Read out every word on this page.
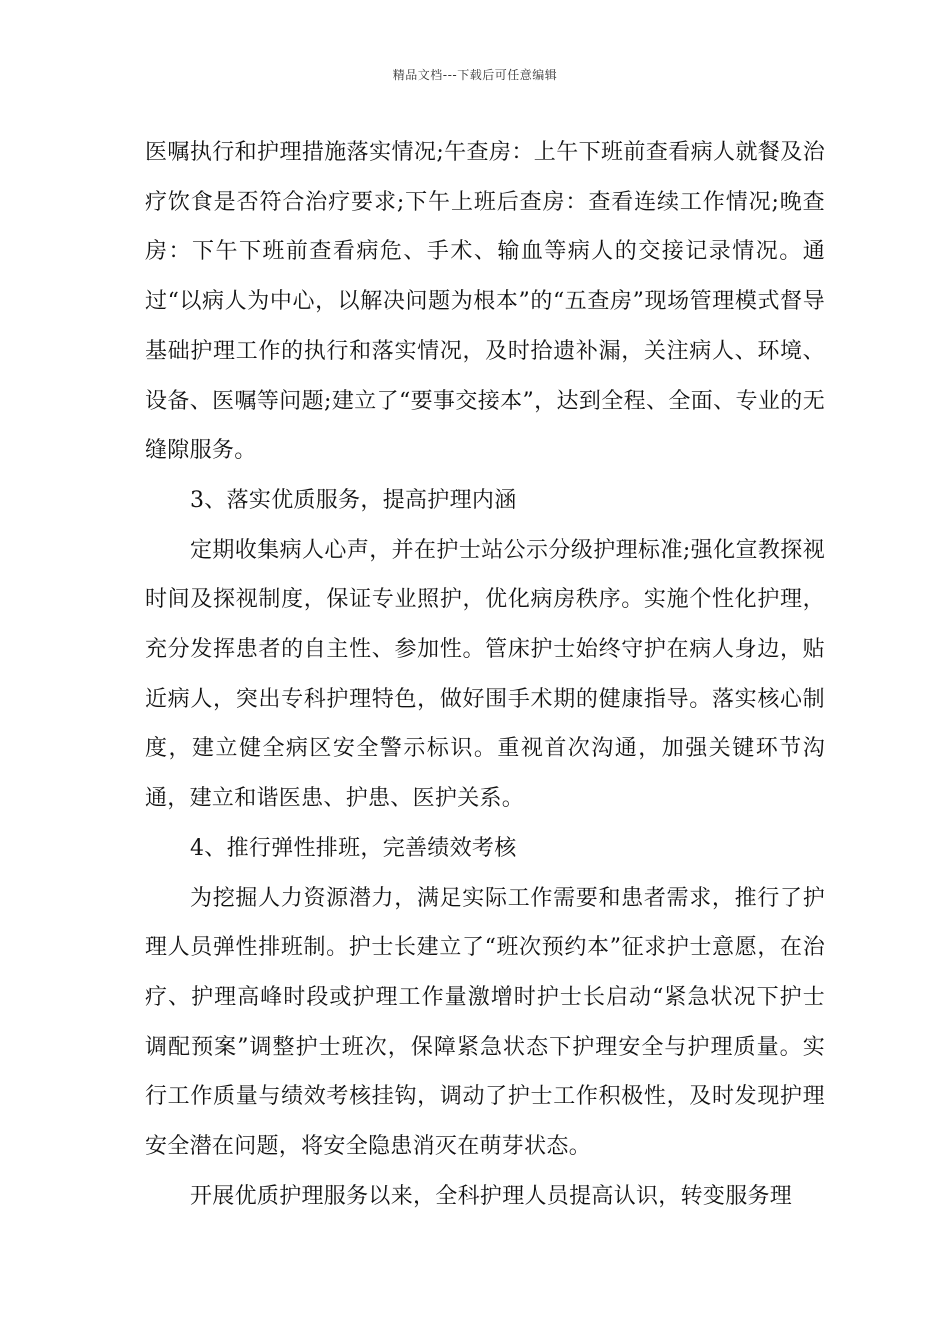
精品文档---下载后可任意编辑

医嘱执行和护理措施落实情况;午查房：上午下班前查看病人就餐及治疗饮食是否符合治疗要求;下午上班后查房：查看连续工作情况;晚查房：下午下班前查看病危、手术、输血等病人的交接记录情况。通过“以病人为中心，以解决问题为根本”的“五查房”现场管理模式督导基础护理工作的执行和落实情况，及时拾遗补漏，关注病人、环境、设备、医嘱等问题;建立了“要事交接本”，达到全程、全面、专业的无缝隙服务。

3、落实优质服务，提高护理内涵

定期收集病人心声，并在护士站公示分级护理标准;强化宣教探视时间及探视制度，保证专业照护，优化病房秩序。实施个性化护理，充分发挥患者的自主性、参加性。管床护士始终守护在病人身边，贴近病人，突出专科护理特色，做好围手术期的健康指导。落实核心制度，建立健全病区安全警示标识。重视首次沟通，加强关键环节沟通，建立和谐医患、护患、医护关系。

4、推行弹性排班，完善绩效考核

为挖掘人力资源潜力，满足实际工作需要和患者需求，推行了护理人员弹性排班制。护士长建立了“班次预约本”征求护士意愿，在治疗、护理高峰时段或护理工作量激增时护士长启动“紧急状况下护士调配预案”调整护士班次，保障紧急状态下护理安全与护理质量。实行工作质量与绩效考核挂钩，调动了护士工作积极性，及时发现护理安全潜在问题，将安全隐患消灭在萌芽状态。

开展优质护理服务以来，全科护理人员提高认识，转变服务理
